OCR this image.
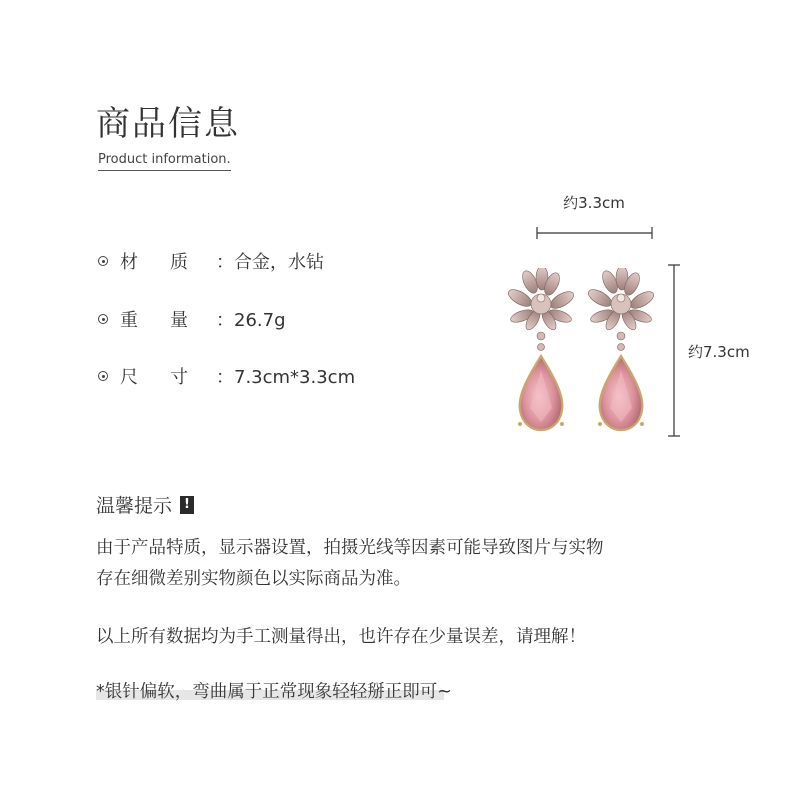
商品信息
Product information.
材质
：合金，水钻
重量
：26.7g
尺寸
：7.3cm*3.3cm
约3.3cm
约7.3cm
温馨提示 !
由于产品特质，显示器设置，拍摄光线等因素可能导致图片与实物
存在细微差别实物颜色以实际商品为准。
以上所有数据均为手工测量得出，也许存在少量误差，请理解！
*银针偏软，弯曲属于正常现象轻轻掰正即可~
